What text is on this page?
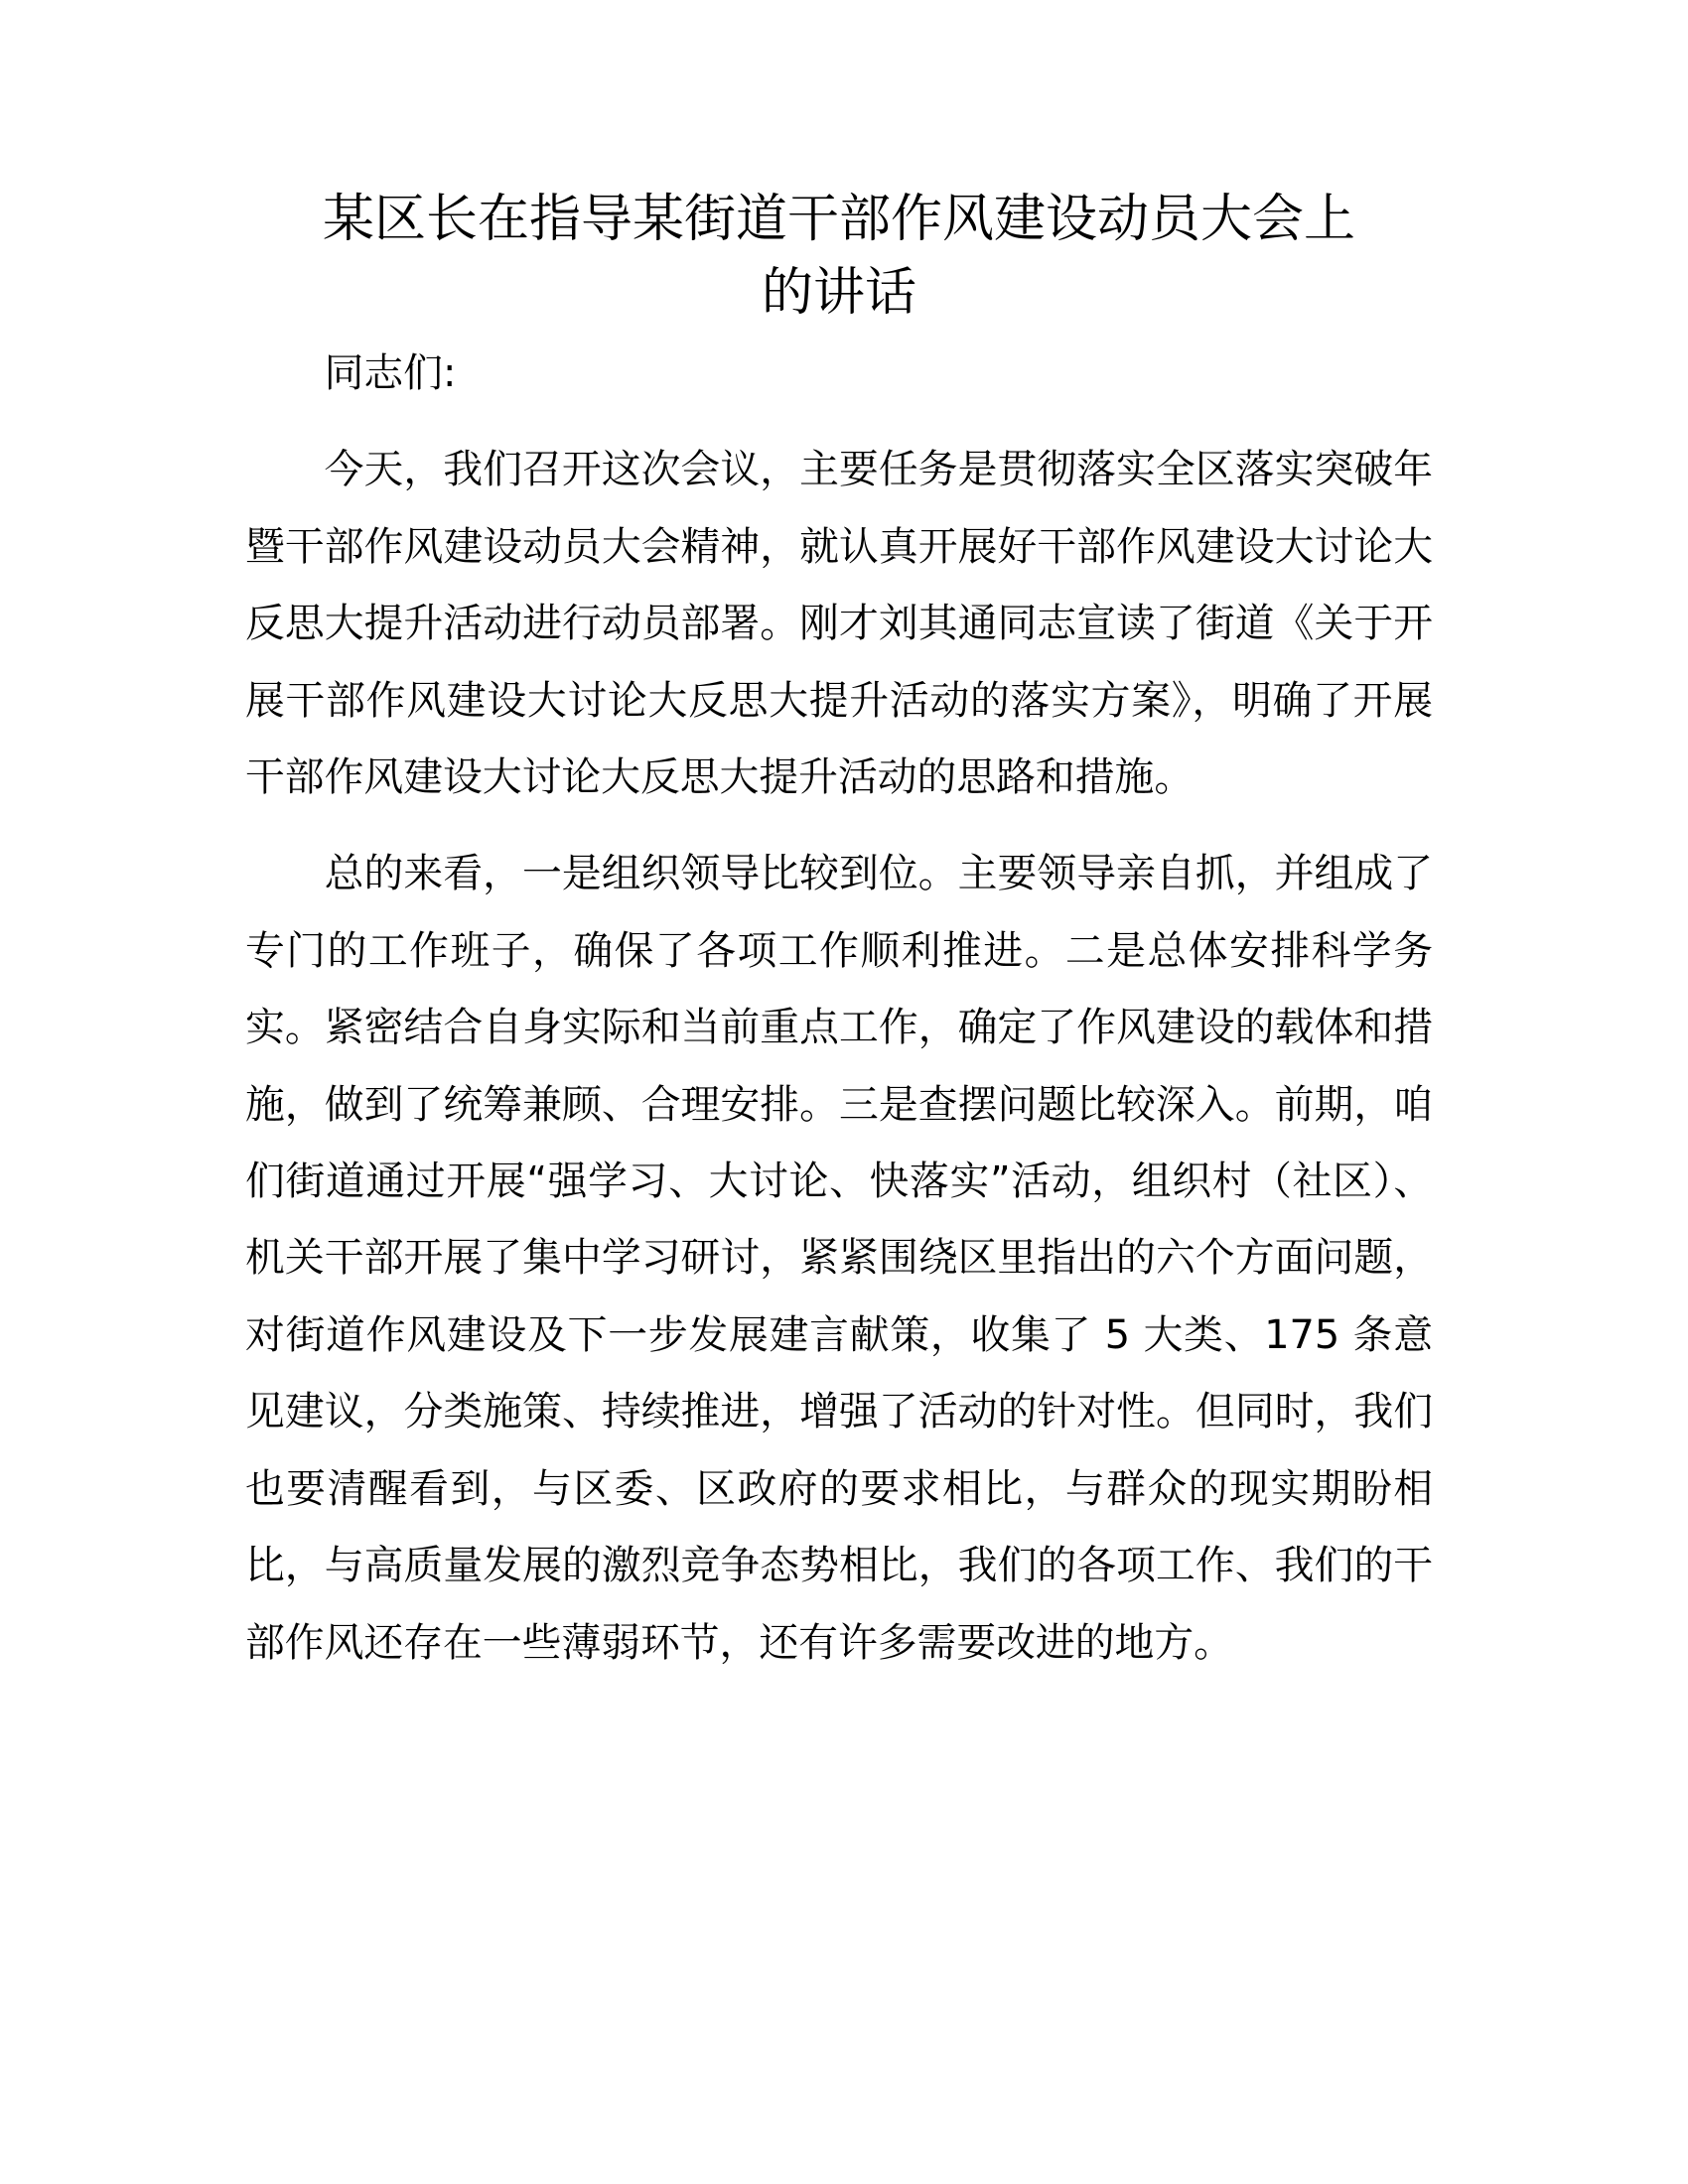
某区长在指导某街道干部作风建设动员大会上
的讲话

同志们:

今天，我们召开这次会议，主要任务是贯彻落实全区落实突破年暨干部作风建设动员大会精神，就认真开展好干部作风建设大讨论大反思大提升活动进行动员部署。刚才刘其通同志宣读了街道《关于开展干部作风建设大讨论大反思大提升活动的落实方案》，明确了开展干部作风建设大讨论大反思大提升活动的思路和措施。

总的来看，一是组织领导比较到位。主要领导亲自抓，并组成了专门的工作班子，确保了各项工作顺利推进。二是总体安排科学务实。紧密结合自身实际和当前重点工作，确定了作风建设的载体和措施，做到了统筹兼顾、合理安排。三是查摆问题比较深入。前期，咱们街道通过开展“强学习、大讨论、快落实”活动，组织村（社区）、机关干部开展了集中学习研讨，紧紧围绕区里指出的六个方面问题，对街道作风建设及下一步发展建言献策，收集了 5 大类、175 条意见建议，分类施策、持续推进，增强了活动的针对性。但同时，我们也要清醒看到，与区委、区政府的要求相比，与群众的现实期盼相比，与高质量发展的激烈竞争态势相比，我们的各项工作、我们的干部作风还存在一些薄弱环节，还有许多需要改进的地方。
